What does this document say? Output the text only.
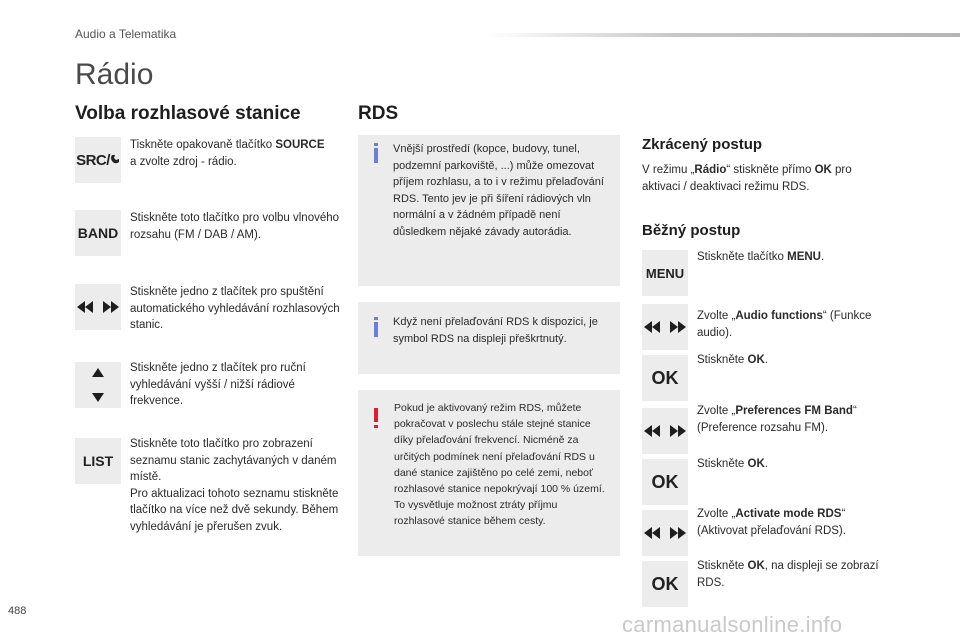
Audio a Telematika
Rádio
Volba rozhlasové stanice
SRC/
Tiskněte opakovaně tlačítko SOURCE a zvolte zdroj - rádio.
BAND
Stiskněte toto tlačítko pro volbu vlnového rozsahu (FM / DAB / AM).
Stiskněte jedno z tlačítek pro spuštění automatického vyhledávání rozhlasových stanic.
Stiskněte jedno z tlačítek pro ruční vyhledávání vyšší / nižší rádiové frekvence.
LIST
Stiskněte toto tlačítko pro zobrazení seznamu stanic zachytávaných v daném místě.
Pro aktualizaci tohoto seznamu stiskněte tlačítko na více než dvě sekundy. Během vyhledávání je přerušen zvuk.
RDS
Vnější prostředí (kopce, budovy, tunel, podzemní parkoviště, ...) může omezovat příjem rozhlasu, a to i v režimu přelaďování RDS. Tento jev je při šíření rádiových vln normální a v žádném případě není důsledkem nějaké závady autorádia.
Když není přelaďování RDS k dispozici, je symbol RDS na displeji přeškrtnutý.
Pokud je aktivovaný režim RDS, můžete pokračovat v poslechu stále stejné stanice díky přelaďování frekvencí. Nicméně za určitých podmínek není přelaďování RDS u dané stanice zajištěno po celé zemi, neboť rozhlasové stanice nepokrývají 100 % území. To vysvětluje možnost ztráty příjmu rozhlasové stanice během cesty.
Zkrácený postup
V režimu „Rádio“ stiskněte přímo OK pro aktivaci / deaktivaci režimu RDS.
Běžný postup
MENU
Stiskněte tlačítko MENU.
Zvolte „Audio functions“ (Funkce audio).
OK
Stiskněte OK.
Zvolte „Preferences FM Band“ (Preference rozsahu FM).
OK
Stiskněte OK.
Zvolte „Activate mode RDS“ (Aktivovat přelaďování RDS).
OK
Stiskněte OK, na displeji se zobrazí RDS.
488
carmanualsonline.info
